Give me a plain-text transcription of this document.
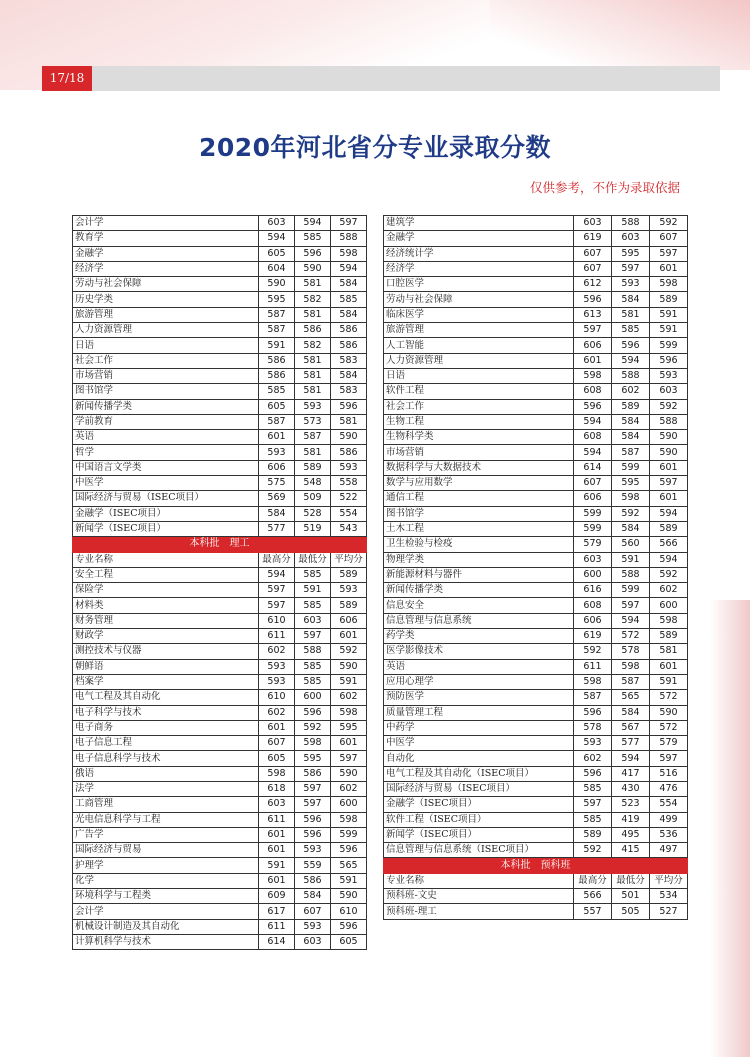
17/18
2020年河北省分专业录取分数
仅供参考，不作为录取依据
会计学	603	594	597
教育学	594	585	588
金融学	605	596	598
经济学	604	590	594
劳动与社会保障	590	581	584
历史学类	595	582	585
旅游管理	587	581	584
人力资源管理	587	586	586
日语	591	582	586
社会工作	586	581	583
市场营销	586	581	584
图书馆学	585	581	583
新闻传播学类	605	593	596
学前教育	587	573	581
英语	601	587	590
哲学	593	581	586
中国语言文学类	606	589	593
中医学	575	548	558
国际经济与贸易（ISEC项目）	569	509	522
金融学（ISEC项目）	584	528	554
新闻学（ISEC项目）	577	519	543
本科批　理工			
专业名称	最高分	最低分	平均分
安全工程	594	585	589
保险学	597	591	593
材料类	597	585	589
财务管理	610	603	606
财政学	611	597	601
测控技术与仪器	602	588	592
朝鲜语	593	585	590
档案学	593	585	591
电气工程及其自动化	610	600	602
电子科学与技术	602	596	598
电子商务	601	592	595
电子信息工程	607	598	601
电子信息科学与技术	605	595	597
俄语	598	586	590
法学	618	597	602
工商管理	603	597	600
光电信息科学与工程	611	596	598
广告学	601	596	599
国际经济与贸易	601	593	596
护理学	591	559	565
化学	601	586	591
环境科学与工程类	609	584	590
会计学	617	607	610
机械设计制造及其自动化	611	593	596
计算机科学与技术	614	603	605
建筑学	603	588	592
金融学	619	603	607
经济统计学	607	595	597
经济学	607	597	601
口腔医学	612	593	598
劳动与社会保障	596	584	589
临床医学	613	581	591
旅游管理	597	585	591
人工智能	606	596	599
人力资源管理	601	594	596
日语	598	588	593
软件工程	608	602	603
社会工作	596	589	592
生物工程	594	584	588
生物科学类	608	584	590
市场营销	594	587	590
数据科学与大数据技术	614	599	601
数学与应用数学	607	595	597
通信工程	606	598	601
图书馆学	599	592	594
土木工程	599	584	589
卫生检验与检疫	579	560	566
物理学类	603	591	594
新能源材料与器件	600	588	592
新闻传播学类	616	599	602
信息安全	608	597	600
信息管理与信息系统	606	594	598
药学类	619	572	589
医学影像技术	592	578	581
英语	611	598	601
应用心理学	598	587	591
预防医学	587	565	572
质量管理工程	596	584	590
中药学	578	567	572
中医学	593	577	579
自动化	602	594	597
电气工程及其自动化（ISEC项目）	596	417	516
国际经济与贸易（ISEC项目）	585	430	476
金融学（ISEC项目）	597	523	554
软件工程（ISEC项目）	585	419	499
新闻学（ISEC项目）	589	495	536
信息管理与信息系统（ISEC项目）	592	415	497
本科批　预科班			
专业名称	最高分	最低分	平均分
预科班-文史	566	501	534
预科班-理工	557	505	527
